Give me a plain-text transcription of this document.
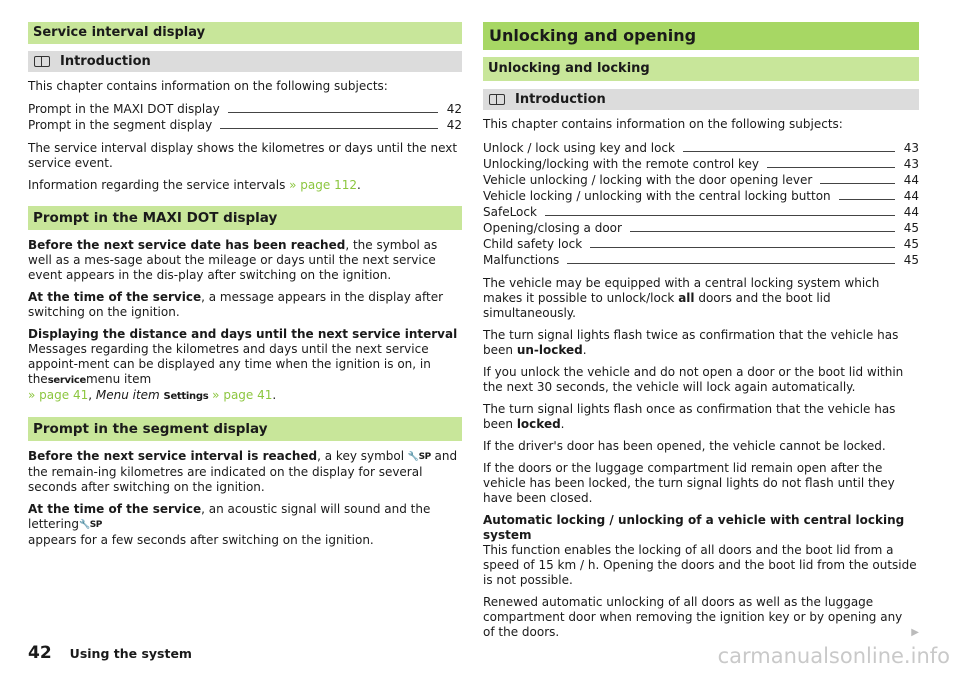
Service interval display
Introduction

This chapter contains information on the following subjects:

Prompt in the MAXI DOT display	42
Prompt in the segment display	42

The service interval display shows the kilometres or days until the next service event.

Information regarding the service intervals » page 112.

Prompt in the MAXI DOT display

Before the next service date has been reached, the symbol as well as a mes-sage about the mileage or days until the next service event appears in the dis-play after switching on the ignition.

At the time of the service, a message appears in the display after switching on the ignition.

Displaying the distance and days until the next service interval
Messages regarding the kilometres and days until the next service appoint-ment can be displayed any time when the ignition is on, in theservicemenu item
» page 41, Menu item Settings » page 41.

Prompt in the segment display

Before the next service interval is reached, a key symbol 🔧SP and the remain-ing kilometres are indicated on the display for several seconds after switching on the ignition.

At the time of the service, an acoustic signal will sound and the lettering🔧SP
appears for a few seconds after switching on the ignition.

Unlocking and opening
Unlocking and locking
Introduction

This chapter contains information on the following subjects:

Unlock / lock using key and lock	43
Unlocking/locking with the remote control key	43
Vehicle unlocking / locking with the door opening lever	44
Vehicle locking / unlocking with the central locking button	44
SafeLock	44
Opening/closing a door	45
Child safety lock	45
Malfunctions	45

The vehicle may be equipped with a central locking system which makes it possible to unlock/lock all doors and the boot lid simultaneously.

The turn signal lights flash twice as confirmation that the vehicle has been un-locked.

If you unlock the vehicle and do not open a door or the boot lid within the next 30 seconds, the vehicle will lock again automatically.

The turn signal lights flash once as confirmation that the vehicle has been locked.

If the driver's door has been opened, the vehicle cannot be locked.

If the doors or the luggage compartment lid remain open after the vehicle has been locked, the turn signal lights do not flash until they have been closed.

Automatic locking / unlocking of a vehicle with central locking system
This function enables the locking of all doors and the boot lid from a speed of 15 km / h. Opening the doors and the boot lid from the outside is not possible.

Renewed automatic unlocking of all doors as well as the luggage compartment door when removing the ignition key or by opening any of the doors.	▶

42 Using the system	carmanualsonline.info
